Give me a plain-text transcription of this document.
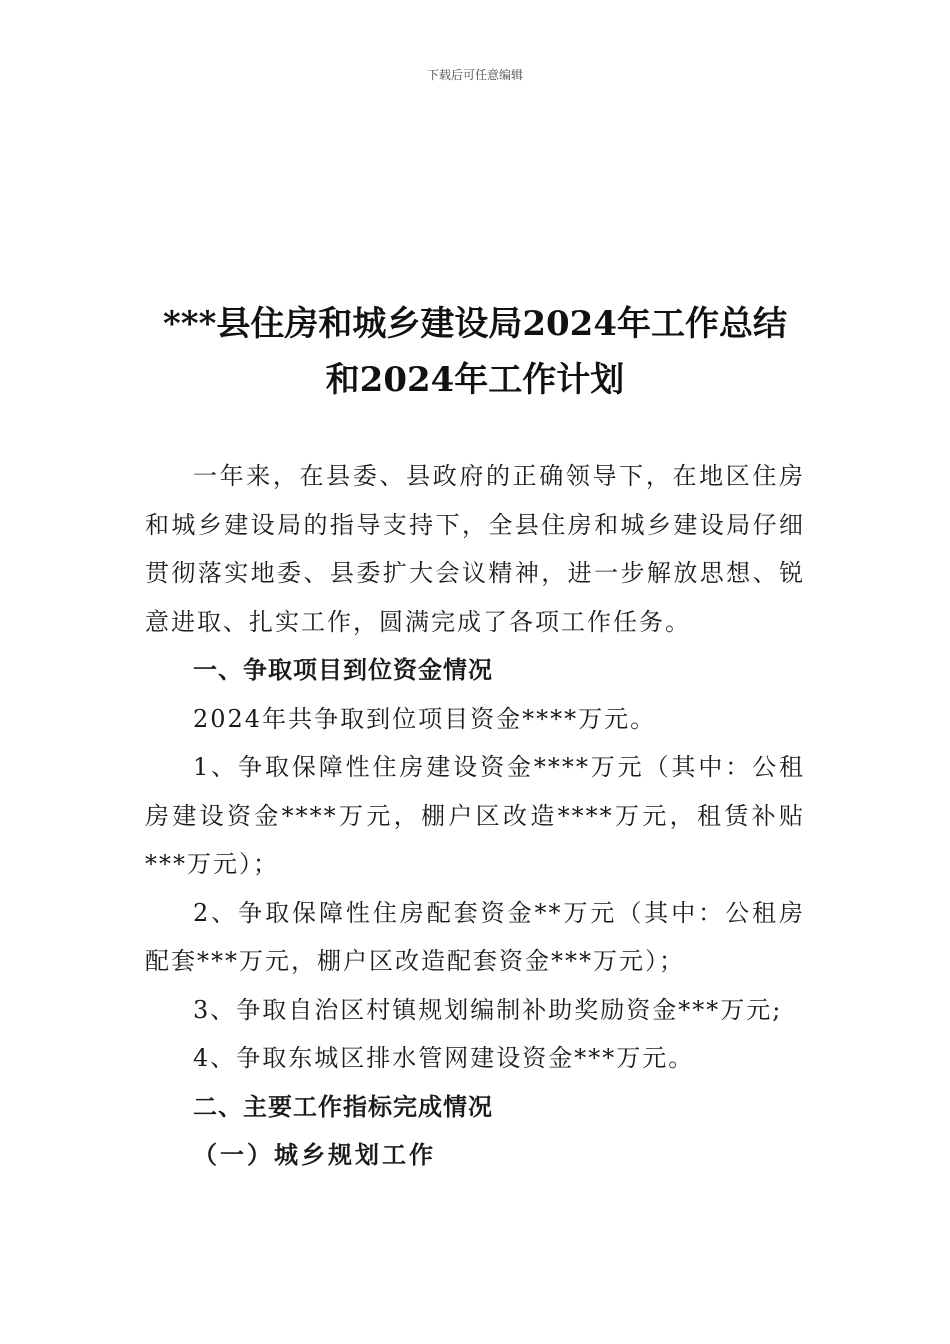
下载后可任意编辑
***县住房和城乡建设局2024年工作总结
和2024年工作计划

一年来，在县委、县政府的正确领导下，在地区住房和城乡建设局的指导支持下，全县住房和城乡建设局仔细贯彻落实地委、县委扩大会议精神，进一步解放思想、锐意进取、扎实工作，圆满完成了各项工作任务。

一、争取项目到位资金情况

2024年共争取到位项目资金****万元。

1、争取保障性住房建设资金****万元（其中：公租房建设资金****万元，棚户区改造****万元，租赁补贴***万元）；

2、争取保障性住房配套资金**万元（其中：公租房配套***万元，棚户区改造配套资金***万元）；

3、争取自治区村镇规划编制补助奖励资金***万元;

4、争取东城区排水管网建设资金***万元。

二、主要工作指标完成情况

（一）城乡规划工作
